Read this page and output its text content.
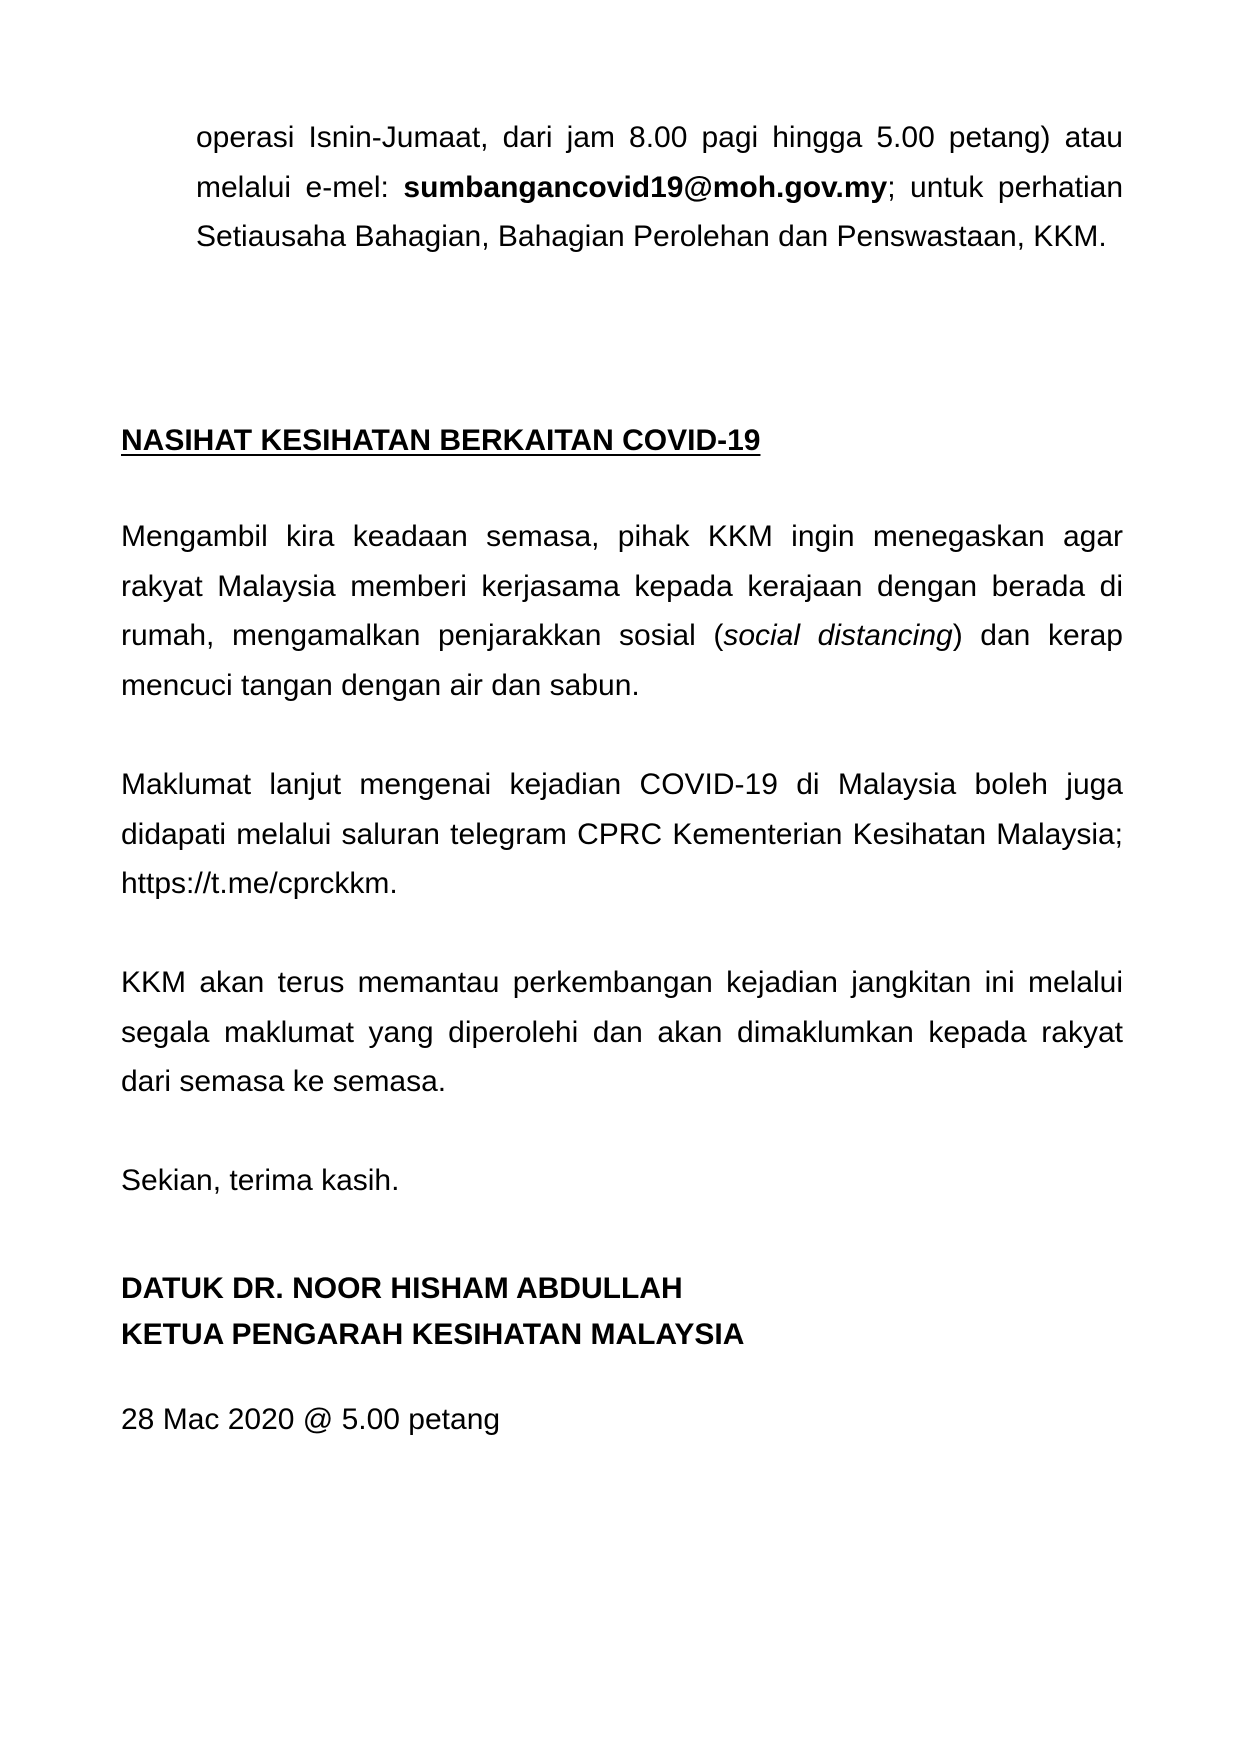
operasi Isnin-Jumaat, dari jam 8.00 pagi hingga 5.00 petang) atau melalui e-mel: sumbangancovid19@moh.gov.my; untuk perhatian Setiausaha Bahagian, Bahagian Perolehan dan Penswastaan, KKM.

NASIHAT KESIHATAN BERKAITAN COVID-19

Mengambil kira keadaan semasa, pihak KKM ingin menegaskan agar rakyat Malaysia memberi kerjasama kepada kerajaan dengan berada di rumah, mengamalkan penjarakkan sosial (social distancing) dan kerap mencuci tangan dengan air dan sabun.

Maklumat lanjut mengenai kejadian COVID-19 di Malaysia boleh juga didapati melalui saluran telegram CPRC Kementerian Kesihatan Malaysia; https://t.me/cprckkm.

KKM akan terus memantau perkembangan kejadian jangkitan ini melalui segala maklumat yang diperolehi dan akan dimaklumkan kepada rakyat dari semasa ke semasa.

Sekian, terima kasih.

DATUK DR. NOOR HISHAM ABDULLAH
KETUA PENGARAH KESIHATAN MALAYSIA

28 Mac 2020 @ 5.00 petang
